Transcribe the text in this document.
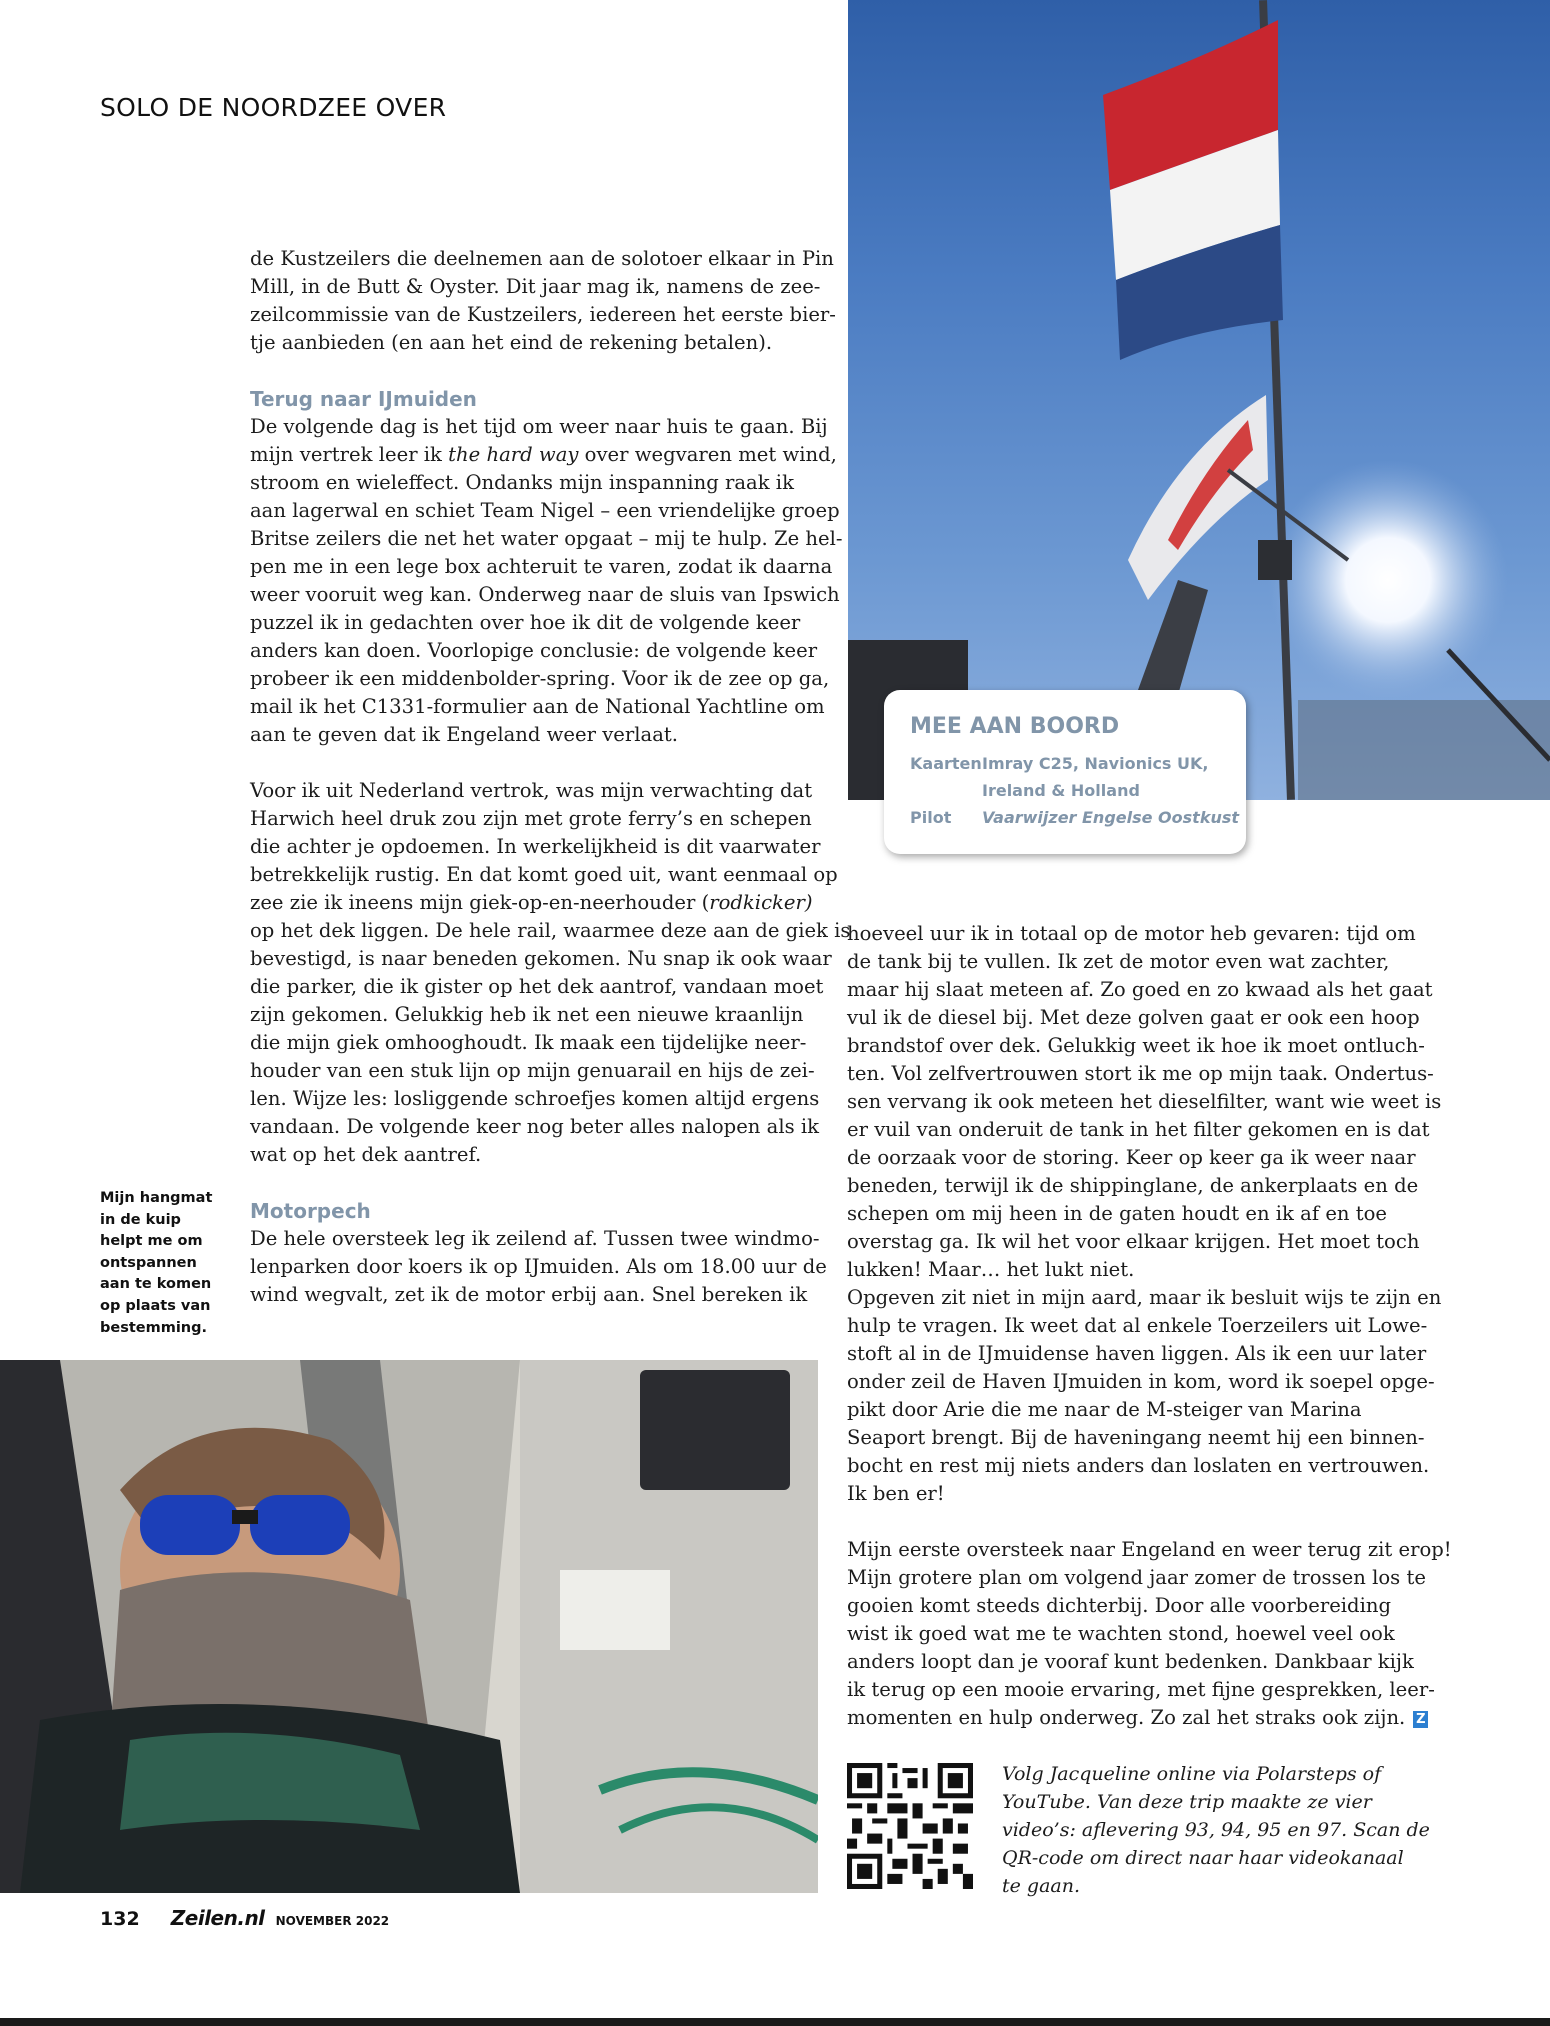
SOLO DE NOORDZEE OVER

MEE AAN BOORD

Kaarten Imray C25, Navionics UK,
Ireland & Holland
Pilot Vaarwijzer Engelse Oostkust

de Kustzeilers die deelnemen aan de solotoer elkaar in Pin

Mill, in de Butt & Oyster. Dit jaar mag ik, namens de zee-

zeilcommissie van de Kustzeilers, iedereen het eerste bier-

tje aanbieden (en aan het eind de rekening betalen).

Terug naar IJmuiden

De volgende dag is het tijd om weer naar huis te gaan. Bij

mijn vertrek leer ik the hard way over wegvaren met wind,

stroom en wieleffect. Ondanks mijn inspanning raak ik

aan lagerwal en schiet Team Nigel – een vriendelijke groep

Britse zeilers die net het water opgaat – mij te hulp. Ze hel-

pen me in een lege box achteruit te varen, zodat ik daarna

weer vooruit weg kan. Onderweg naar de sluis van Ipswich

puzzel ik in gedachten over hoe ik dit de volgende keer

anders kan doen. Voorlopige conclusie: de volgende keer

probeer ik een middenbolder-spring. Voor ik de zee op ga,

mail ik het C1331-formulier aan de National Yachtline om

aan te geven dat ik Engeland weer verlaat.

Voor ik uit Nederland vertrok, was mijn verwachting dat

Harwich heel druk zou zijn met grote ferry’s en schepen

die achter je opdoemen. In werkelijkheid is dit vaarwater

betrekkelijk rustig. En dat komt goed uit, want eenmaal op

zee zie ik ineens mijn giek-op-en-neerhouder (rodkicker)

op het dek liggen. De hele rail, waarmee deze aan de giek is

bevestigd, is naar beneden gekomen. Nu snap ik ook waar

die parker, die ik gister op het dek aantrof, vandaan moet

zijn gekomen. Gelukkig heb ik net een nieuwe kraanlijn

die mijn giek omhooghoudt. Ik maak een tijdelijke neer-

houder van een stuk lijn op mijn genuarail en hijs de zei-

len. Wijze les: losliggende schroefjes komen altijd ergens

vandaan. De volgende keer nog beter alles nalopen als ik

wat op het dek aantref.

Motorpech

De hele oversteek leg ik zeilend af. Tussen twee windmo-

lenparken door koers ik op IJmuiden. Als om 18.00 uur de

wind wegvalt, zet ik de motor erbij aan. Snel bereken ik

Mijn hangmat
in de kuip
helpt me om
ontspannen
aan te komen
op plaats van
bestemming.

hoeveel uur ik in totaal op de motor heb gevaren: tijd om

de tank bij te vullen. Ik zet de motor even wat zachter,

maar hij slaat meteen af. Zo goed en zo kwaad als het gaat

vul ik de diesel bij. Met deze golven gaat er ook een hoop

brandstof over dek. Gelukkig weet ik hoe ik moet ontluch-

ten. Vol zelfvertrouwen stort ik me op mijn taak. Ondertus-

sen vervang ik ook meteen het dieselfilter, want wie weet is

er vuil van onderuit de tank in het filter gekomen en is dat

de oorzaak voor de storing. Keer op keer ga ik weer naar

beneden, terwijl ik de shippinglane, de ankerplaats en de

schepen om mij heen in de gaten houdt en ik af en toe

overstag ga. Ik wil het voor elkaar krijgen. Het moet toch

lukken! Maar… het lukt niet.

Opgeven zit niet in mijn aard, maar ik besluit wijs te zijn en

hulp te vragen. Ik weet dat al enkele Toerzeilers uit Lowe-

stoft al in de IJmuidense haven liggen. Als ik een uur later

onder zeil de Haven IJmuiden in kom, word ik soepel opge-

pikt door Arie die me naar de M-steiger van Marina

Seaport brengt. Bij de haveningang neemt hij een binnen-

bocht en rest mij niets anders dan loslaten en vertrouwen.

Ik ben er!

Mijn eerste oversteek naar Engeland en weer terug zit erop!

Mijn grotere plan om volgend jaar zomer de trossen los te

gooien komt steeds dichterbij. Door alle voorbereiding

wist ik goed wat me te wachten stond, hoewel veel ook

anders loopt dan je vooraf kunt bedenken. Dankbaar kijk

ik terug op een mooie ervaring, met fijne gesprekken, leer-

momenten en hulp onderweg. Zo zal het straks ook zijn. Z

Volg Jacqueline online via Polarsteps of

YouTube. Van deze trip maakte ze vier

video’s: aflevering 93, 94, 95 en 97. Scan de

QR-code om direct naar haar videokanaal

te gaan.

132 Zeilen.nl NOVEMBER 2022
